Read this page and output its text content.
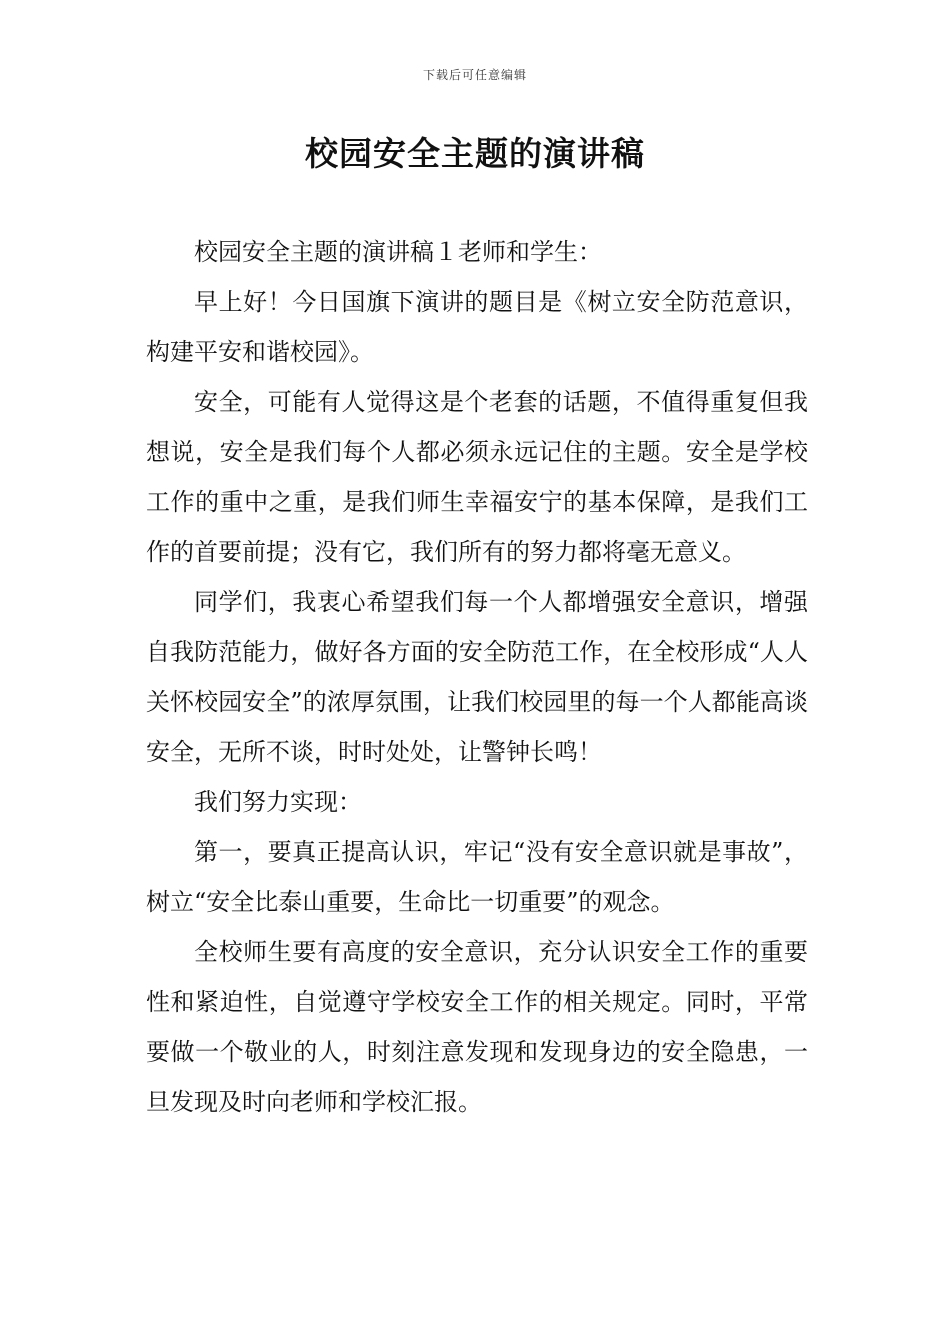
下载后可任意编辑
校园安全主题的演讲稿

校园安全主题的演讲稿１老师和学生：

早上好！今日国旗下演讲的题目是《树立安全防范意识，构建平安和谐校园》。

安全，可能有人觉得这是个老套的话题，不值得重复但我想说，安全是我们每个人都必须永远记住的主题。安全是学校工作的重中之重，是我们师生幸福安宁的基本保障，是我们工作的首要前提；没有它，我们所有的努力都将毫无意义。

同学们，我衷心希望我们每一个人都增强安全意识，增强自我防范能力，做好各方面的安全防范工作，在全校形成“人人关怀校园安全”的浓厚氛围，让我们校园里的每一个人都能高谈安全，无所不谈，时时处处，让警钟长鸣！

我们努力实现：

第一，要真正提高认识，牢记“没有安全意识就是事故”，树立“安全比泰山重要，生命比一切重要”的观念。

全校师生要有高度的安全意识，充分认识安全工作的重要性和紧迫性，自觉遵守学校安全工作的相关规定。同时，平常要做一个敬业的人，时刻注意发现和发现身边的安全隐患，一旦发现及时向老师和学校汇报。
